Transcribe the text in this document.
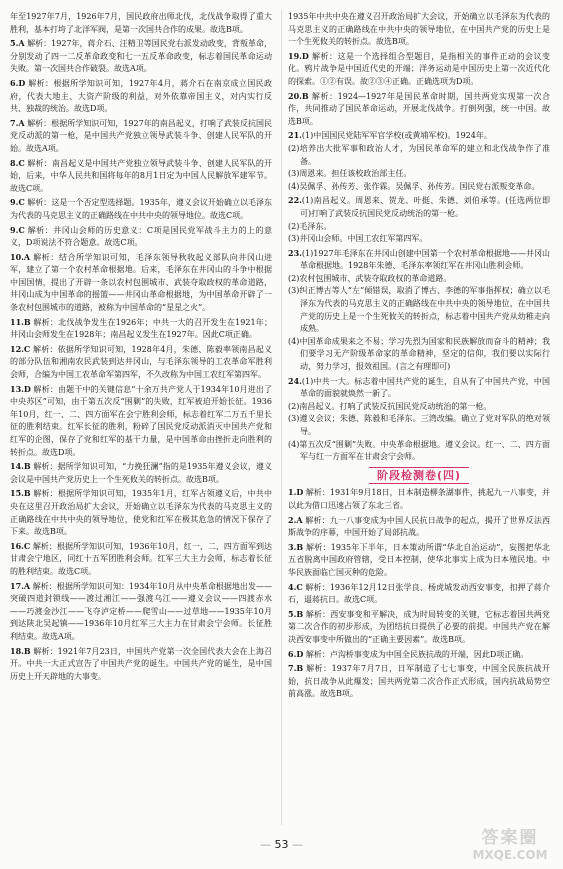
年至1927年7月，1926年7月，国民政府出师北伐，北伐战争取得了重大胜利，基本打垮了北洋军阀，是第一次国共合作的成果。故选B项。

5.A 解析：1927年，蒋介石、汪精卫等国民党右派发动政变，背叛革命，分别发动了四一二反革命政变和七一五反革命政变，标志着国民革命运动失败。第一次国共合作破裂。故选A项。

6.D 解析：根据所学知识可知，1927年4月，蒋介石在南京成立国民政府，代表大地主、大资产阶级的利益，对外依靠帝国主义，对内实行反共、独裁的统治。故选D项。

7.A 解析：根据所学知识可知，1927年的南昌起义，打响了武装反抗国民党反动派的第一枪，是中国共产党独立领导武装斗争、创建人民军队的开始。故选A项。

8.C 解析：南昌起义是中国共产党独立领导武装斗争、创建人民军队的开始，后来，中华人民共和国将每年的8月1日定为中国人民解放军建军节。故选C项。

9.C 解析：这是一个否定型选择题。1935年，遵义会议开始确立以毛泽东为代表的马克思主义的正确路线在中共中央的领导地位。故选C项。

9.C 解析：井冈山会师的历史意义：C项是国民党军战斗主力的上的意义，D项说法不符合题意。故选C项。

10.A 解析：结合所学知识可知，毛泽东领导秋收起义部队向井冈山进军，建立了第一个农村革命根据地。后来，毛泽东在井冈山的斗争中根据中国国情，提出了开辟一条以农村包围城市、武装夺取政权的革命道路，井冈山成为中国革命的摇篮——井冈山革命根据地，为中国革命开辟了一条农村包围城市的道路，被称为中国革命的“星星之火”。

11.B 解析：北伐战争发生在1926年；中共一大的召开发生在1921年；井冈山会师发生在1928年；南昌起义发生在1927年。因此C项正确。

12.C 解析：依据所学知识可知，1928年4月，朱德、陈毅率领南昌起义的部分队伍和湘南农民武装到达井冈山，与毛泽东领导的工农革命军胜利会师，合编为中国工农革命军第四军，不久改称为中国工农红军第四军。

13.D 解析：由题干中的关键信息“十余万共产党人于1934年10月进出了中央苏区”可知，由于第五次反“围剿”的失败，红军被迫开始长征。1936年10月，红一、二、四方面军在会宁胜利会师，标志着红军二万五千里长征的胜利结束。红军长征的胜利，粉碎了国民党反动派消灭中国共产党和红军的企图，保存了党和红军的基干力量，是中国革命由挫折走向胜利的转折点。故选D项。

14.B 解析：据所学知识可知，“力挽狂澜”指的是1935年遵义会议，遵义会议是中国共产党历史上一个生死攸关的转折点。故选B项。

15.B 解析：根据所学知识可知，1935年1月，红军占领遵义后，中共中央在这里召开政治局扩大会议，开始确立以毛泽东为代表的马克思主义的正确路线在中共中央的领导地位，使党和红军在极其危急的情况下保存了下来。故选B项。

16.C 解析：根据所学知识可知，1936年10月，红一、二、四方面军到达甘肃会宁地区，同红十五军团胜利会师。红军三大主力会师，标志着长征的胜利结束。故选C项。

17.A 解析：根据所学知识可知：1934年10月从中央革命根据地出发——突破四道封锁线——渡过湘江——强渡乌江——遵义会议——四渡赤水——巧渡金沙江——飞夺泸定桥——爬雪山——过草地——1935年10月到达陕北吴起镇——1936年10月红军三大主力在甘肃会宁会师。长征胜利结束。故选A项。

18.B 解析：1921年7月23日，中国共产党第一次全国代表大会在上海召开。中共一大正式宣告了中国共产党的诞生。中国共产党的诞生，是中国历史上开天辟地的大事变。

1935年中共中央在遵义召开政治局扩大会议，开始确立以毛泽东为代表的马克思主义的正确路线在中共中央的领导地位，在中国共产党的历史上是一个生死攸关的转折点。故选B项。

19.D 解析：这是一个选择组合型题目，是指相关的事件正动的会议变化。鸦片战争是中国近代史的开端；洋务运动是中国历史上第一次近代化的探索。①②有误。故②③④正确。正确选项为D项。

20.B 解析：1924—1927年是国民革命时期，国共两党实现第一次合作，共同推动了国民革命运动，开展北伐战争。打倒列强，统一中国。故选B项。

21.(1)中国国民党陆军军官学校(或黄埔军校)。1924年。

(2)培养出大批军事和政治人才，为国民革命军的建立和北伐战争作了准备。

(3)周恩来。担任该校政治部主任。

(4)吴佩孚、孙传芳、张作霖。吴佩孚、孙传芳。国民党右派叛变革命。

22.(1)南昌起义。周恩来、贺龙、叶挺、朱德、刘伯承等。(任选两位即可)打响了武装反抗国民党反动统治的第一枪。

(2)毛泽东。

(3)井冈山会师。中国工农红军第四军。

23.(1)1927年毛泽东在井冈山创建中国第一个农村革命根据地——井冈山革命根据地。1928年朱德、毛泽东率领红军在井冈山胜利会师。

(2)农村包围城市、武装夺取政权的革命道路。

(3)纠正博古等人“左”倾错误，取消了博古、李德的军事指挥权；确立以毛泽东为代表的马克思主义的正确路线在中共中央的领导地位，在中国共产党的历史上是一个生死攸关的转折点，标志着中国共产党从幼稚走向成熟。

(4)中国革命成果来之不易；学习先烈为国家和民族解放而奋斗的精神；我们要学习无产阶级革命家的革命精神，坚定的信仰，我们要以实际行动，努力学习，报效祖国。(言之有理即可)

24.(1)中共一大。标志着中国共产党的诞生，自从有了中国共产党，中国革命的面貌就焕然一新了。

(2)南昌起义。打响了武装反抗国民党反动统治的第一枪。

(3)遵义会议；朱德、陈毅和毛泽东。三湾改编。确立了党对军队的绝对领导。

(4)第五次反“围剿”失败。中央革命根据地。遵义会议。红一、二、四方面军与红一方面军在甘肃会宁会师。

阶段检测卷(四)

1.D 解析：1931年9月18日，日本制造柳条湖事件，挑起九一八事变，并以此为借口迅速占领了东北三省。

2.A 解析：九一八事变成为中国人民抗日战争的起点，揭开了世界反法西斯战争的序幕，中国开始了局部抗战。

3.B 解析：1935年下半年，日本策动所谓“华北自治运动”，妄图把华北五省脱离中国政府管辖，受日本控制，使华北事实上成为日本殖民地。中华民族面临亡国灭种的危险。

4.C 解析：1936年12月12日张学良、杨虎城发动西安事变，扣押了蒋介石，逼蒋抗日。故选C项。

5.B 解析：西安事变和平解决，成为时局转变的关键，它标志着国共两党第二次合作的初步形成，为团结抗日提供了必要的前提。中国共产党在解决西安事变中所做出的“正确主要因素”。故选B项。

6.D 解析：卢沟桥事变成为中国全民族抗战的开端，因此D项正确。

7.B 解析：1937年7月7日，日军制造了七七事变，中国全民族抗战开始，抗日战争从此爆发；国共两党第二次合作正式形成，国内抗战局势空前高涨。故选B项。

— 53 —	答案圈
MXQE.COM
